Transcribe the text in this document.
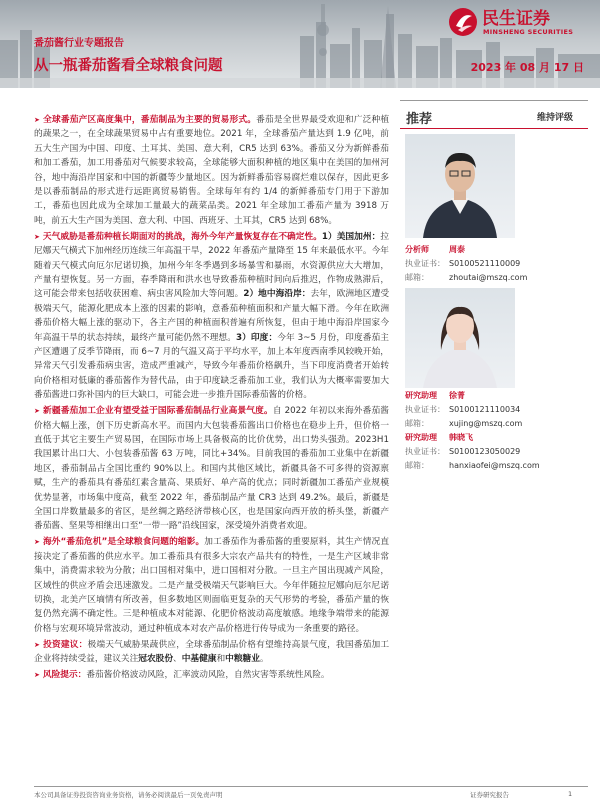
民生证券
MINSHENG SECURITIES
番茄酱行业专题报告
从一瓶番茄酱看全球粮食问题	2023 年 08 月 17 日

➤ 全球番茄产区高度集中，番茄制品为主要的贸易形式。番茄是全世界最受欢迎和广泛种植的蔬果之一，在全球蔬果贸易中占有重要地位。2021 年，全球番茄产量达到 1.9 亿吨，前五大生产国为中国、印度、土耳其、美国、意大利，CR5 达到 63%。番茄又分为新鲜番茄和加工番茄，加工用番茄对气候要求较高，全球能够大面积种植的地区集中在美国的加州河谷，地中海沿岸国家和中国的新疆等少量地区。因为新鲜番茄容易腐烂难以保存，因此更多是以番茄制品的形式进行远距离贸易销售。全球每年有约 1/4 的新鲜番茄专门用于下游加工，番茄也因此成为全球加工量最大的蔬菜品类。2021 年全球加工番茄产量为 3918 万吨，前五大生产国为美国、意大利、中国、西班牙、土耳其，CR5 达到 68%。

➤ 天气威胁是番茄种植长期面对的挑战，海外今年产量恢复存在不确定性。1）美国加州：拉尼娜天气横式下加州经历连续三年高温干旱，2022 年番茄产量降至 15 年来最低水平。今年随着天气模式向厄尔尼诺切换，加州今年冬季遇到多场暴雪和暴雨，水资源供应大大增加，产量有望恢复。另一方面，春季降雨和洪水也导致番茄种植时间向后推迟，作物成熟滞后，这可能会带来包括收获困难、病虫害风险加大等问题。2）地中海沿岸：去年，欧洲地区遭受极端天气，能源化肥成本上涨的因素的影响，意番茄种植面积和产量大幅下滑。今年在欧洲番茄价格大幅上涨的驱动下，各主产国的种植面积普遍有所恢复，但由于地中海沿岸国家今年高温干旱的状态持续，最终产量可能仍然不理想。3）印度：今年 3~5 月份，印度番茄主产区遭遇了反季节降雨，而 6~7 月的气温又高于平均水平，加上本年度西南季风较晚开始，异常天气引发番茄病虫害，造成严重减产，导致今年番茄价格飙升，当下印度消费者开始转向价格相对低廉的番茄酱作为替代品，由于印度缺乏番茄加工业，我们认为大概率需要加大番茄酱进口弥补国内的巨大缺口，可能会进一步推升国际番茄酱的价格。

➤ 新疆番茄加工企业有望受益于国际番茄制品行业高景气度。自 2022 年初以来海外番茄酱价格大幅上涨，创下历史新高水平。而国内大包装番茄酱出口价格也在稳步上升，但价格一直低于其它主要生产贸易国，在国际市场上具备极高的比价优势，出口势头强劲。2023H1 我国累计出口大、小包装番茄酱 63 万吨，同比+34%。目前我国的番茄加工业集中在新疆地区，番茄制品占全国比重约 90%以上。和国内其他区域比，新疆具备不可多得的资源禀赋，生产的番茄具有番茄红素含量高、果质好、单产高的优点；同时新疆加工番茄产业规模优势显著，市场集中度高，截至 2022 年，番茄制品产量 CR3 达到 49.2%。最后，新疆是全国口岸数量最多的省区，是丝绸之路经济带核心区，也是国家向西开放的桥头堡，新疆产番茄酱、坚果等相继出口至“一带一路”沿线国家，深受境外消费者欢迎。

➤ 海外“番茄危机”是全球粮食问题的缩影。加工番茄作为番茄酱的重要原料，其生产情况直接决定了番茄酱的供应水平。加工番茄具有很多大宗农产品共有的特性，一是生产区域非常集中，消费需求较为分散；出口国相对集中，进口国相对分散。一旦主产国出现减产风险，区域性的供应矛盾会迅速激发。二是产量受极端天气影响巨大。今年伴随拉尼娜向厄尔尼诺切换，北美产区墒情有所改善，但多数地区则面临更复杂的天气形势的考验，番茄产量的恢复仍然充满不确定性。三是种植成本对能源、化肥价格波动高度敏感。地缘争端带来的能源价格与宏观环境异常波动，通过种植成本对农产品价格进行传导成为一条重要的路径。

➤ 投资建议：极端天气威胁果蔬供应，全球番茄制品价格有望维持高景气度，我国番茄加工企业将持续受益，建议关注冠农股份、中基健康和中粮糖业。

➤ 风险提示：番茄酱价格波动风险，汇率波动风险，自然灾害等系统性风险。

推荐	维持评级
分析师	周泰
执业证书： S0100521110009
邮箱：	zhoutai@mszq.com
研究助理	徐菁
执业证书： S0100121110034
邮箱：	xujing@mszq.com
研究助理	韩晓飞
执业证书： S0100123050029
邮箱：	hanxiaofei@mszq.com
本公司具备证券投资咨询业务资格，请务必阅读最后一页免责声明	证券研究报告	1
